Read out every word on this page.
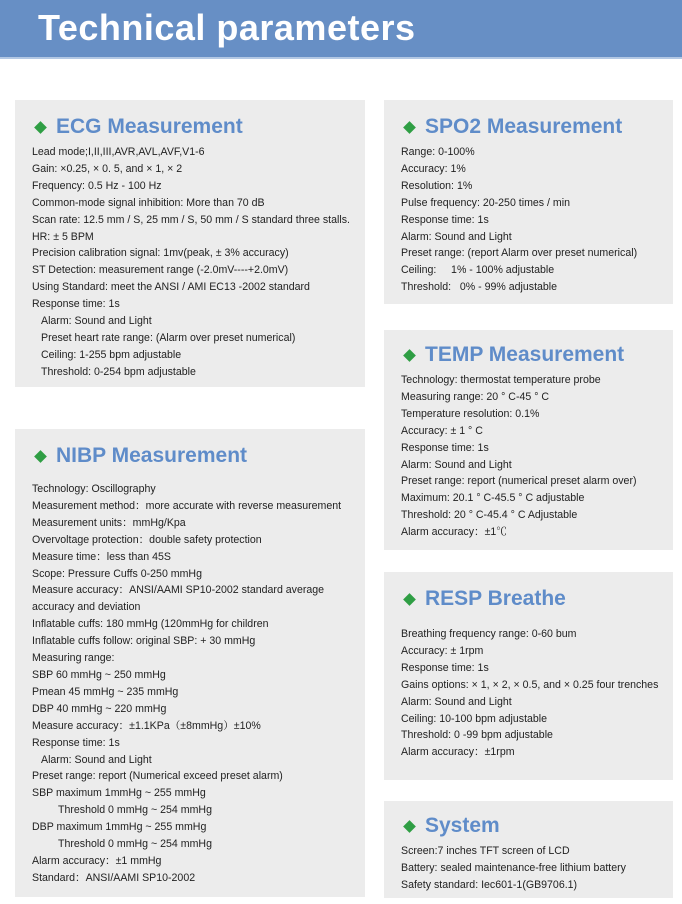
Technical parameters
ECG Measurement
Lead mode;I,II,III,AVR,AVL,AVF,V1-6
Gain: ×0.25, × 0. 5, and × 1, × 2
Frequency: 0.5 Hz - 100 Hz
Common-mode signal inhibition: More than 70 dB
Scan rate: 12.5 mm / S, 25 mm / S, 50 mm / S standard three stalls.
HR: ± 5 BPM
Precision calibration signal: 1mv(peak, ± 3% accuracy)
ST Detection: measurement range (-2.0mV----+2.0mV)
Using Standard: meet the ANSI / AMI EC13 -2002 standard
Response time: 1s
Alarm: Sound and Light
Preset heart rate range: (Alarm over preset numerical)
Ceiling: 1-255 bpm adjustable
Threshold: 0-254 bpm adjustable
NIBP Measurement
Technology: Oscillography
Measurement method：more accurate with reverse measurement
Measurement units：mmHg/Kpa
Overvoltage protection：double safety protection
Measure time：less than 45S
Scope: Pressure Cuffs 0-250 mmHg
Measure accuracy：ANSI/AAMI SP10-2002 standard average
accuracy and deviation
Inflatable cuffs: 180 mmHg (120mmHg for children
Inflatable cuffs follow: original SBP: + 30 mmHg
Measuring range:
SBP 60 mmHg ~ 250 mmHg
Pmean 45 mmHg ~ 235 mmHg
DBP 40 mmHg ~ 220 mmHg
Measure accuracy：±1.1KPa（±8mmHg）±10%
Response time: 1s
Alarm: Sound and Light
Preset range: report (Numerical exceed preset alarm)
SBP maximum 1mmHg ~ 255 mmHg
Threshold 0 mmHg ~ 254 mmHg
DBP maximum 1mmHg ~ 255 mmHg
Threshold 0 mmHg ~ 254 mmHg
Alarm accuracy：±1 mmHg
Standard：ANSI/AAMI SP10-2002
SPO2 Measurement
Range: 0-100%
Accuracy: 1%
Resolution: 1%
Pulse frequency: 20-250 times / min
Response time: 1s
Alarm: Sound and Light
Preset range: (report Alarm over preset numerical)
Ceiling:     1% - 100% adjustable
Threshold:   0% - 99% adjustable
TEMP Measurement
Technology: thermostat temperature probe
Measuring range: 20 ° C-45 ° C
Temperature resolution: 0.1%
Accuracy: ± 1 ° C
Response time: 1s
Alarm: Sound and Light
Preset range: report (numerical preset alarm over)
Maximum: 20.1 ° C-45.5 ° C adjustable
Threshold: 20 ° C-45.4 ° C Adjustable
Alarm accuracy：±1℃
RESP Breathe
Breathing frequency range: 0-60 bum
Accuracy: ± 1rpm
Response time: 1s
Gains options: × 1, × 2, × 0.5, and × 0.25 four trenches
Alarm: Sound and Light
Ceiling: 10-100 bpm adjustable
Threshold: 0 -99 bpm adjustable
Alarm accuracy：±1rpm
System
Screen:7 inches TFT screen of LCD
Battery: sealed maintenance-free lithium battery
Safety standard: Iec601-1(GB9706.1)
